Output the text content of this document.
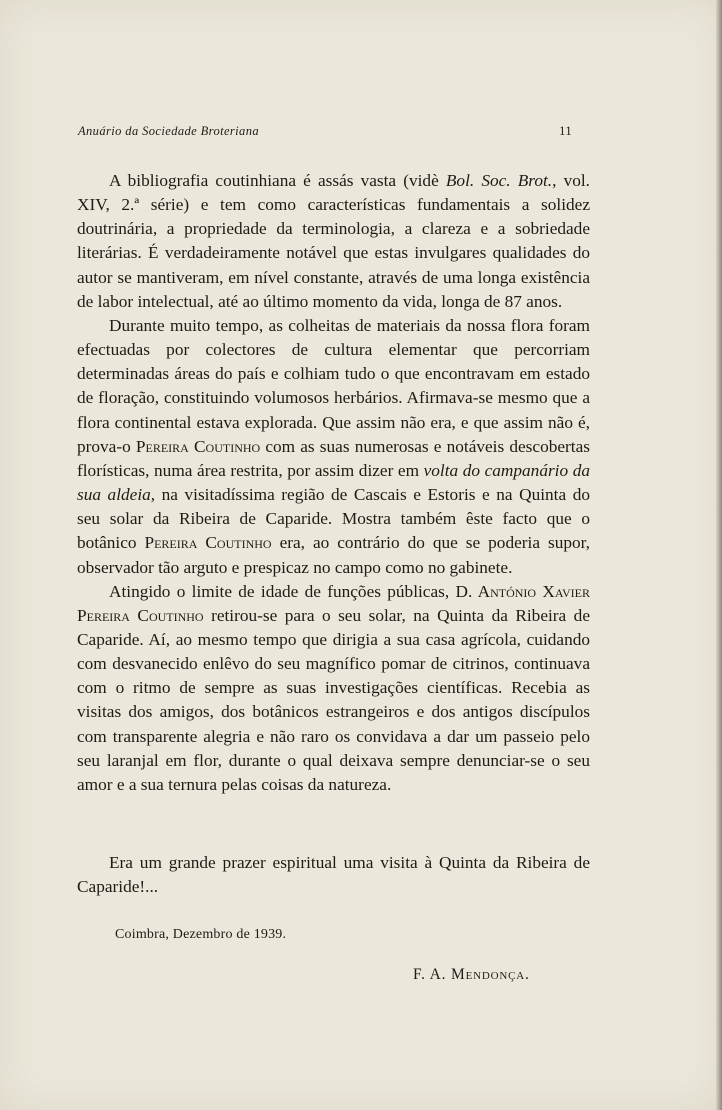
Anuário da Sociedade Broteriana	11

A bibliografia coutinhiana é assás vasta (vidè Bol. Soc. Brot., vol. XIV, 2.ª série) e tem como características fundamentais a solidez doutrinária, a propriedade da terminologia, a clareza e a sobriedade literárias. É verdadeiramente notável que estas invulgares qualidades do autor se mantiveram, em nível constante, através de uma longa existência de labor intelectual, até ao último momento da vida, longa de 87 anos.

Durante muito tempo, as colheitas de materiais da nossa flora foram efectuadas por colectores de cultura elementar que percorriam determinadas áreas do país e colhiam tudo o que encontravam em estado de floração, constituindo volumosos herbários. Afirmava-se mesmo que a flora continental estava explorada. Que assim não era, e que assim não é, prova-o Pereira Coutinho com as suas numerosas e notáveis descobertas florísticas, numa área restrita, por assim dizer em volta do campanário da sua aldeia, na visitadíssima região de Cascais e Estoris e na Quinta do seu solar da Ribeira de Caparide. Mostra também êste facto que o botânico Pereira Coutinho era, ao contrário do que se poderia supor, observador tão arguto e prespicaz no campo como no gabinete.

Atingido o limite de idade de funções públicas, D. António Xavier Pereira Coutinho retirou-se para o seu solar, na Quinta da Ribeira de Caparide. Aí, ao mesmo tempo que dirigia a sua casa agrícola, cuidando com desvanecido enlêvo do seu magnífico pomar de citrinos, continuava com o ritmo de sempre as suas investigações científicas. Recebia as visitas dos amigos, dos botânicos estrangeiros e dos antigos discípulos com transparente alegria e não raro os convidava a dar um passeio pelo seu laranjal em flor, durante o qual deixava sempre denunciar-se o seu amor e a sua ternura pelas coisas da natureza.

Era um grande prazer espiritual uma visita à Quinta da Ribeira de Caparide!...

Coimbra, Dezembro de 1939.
F. A. Mendonça.
